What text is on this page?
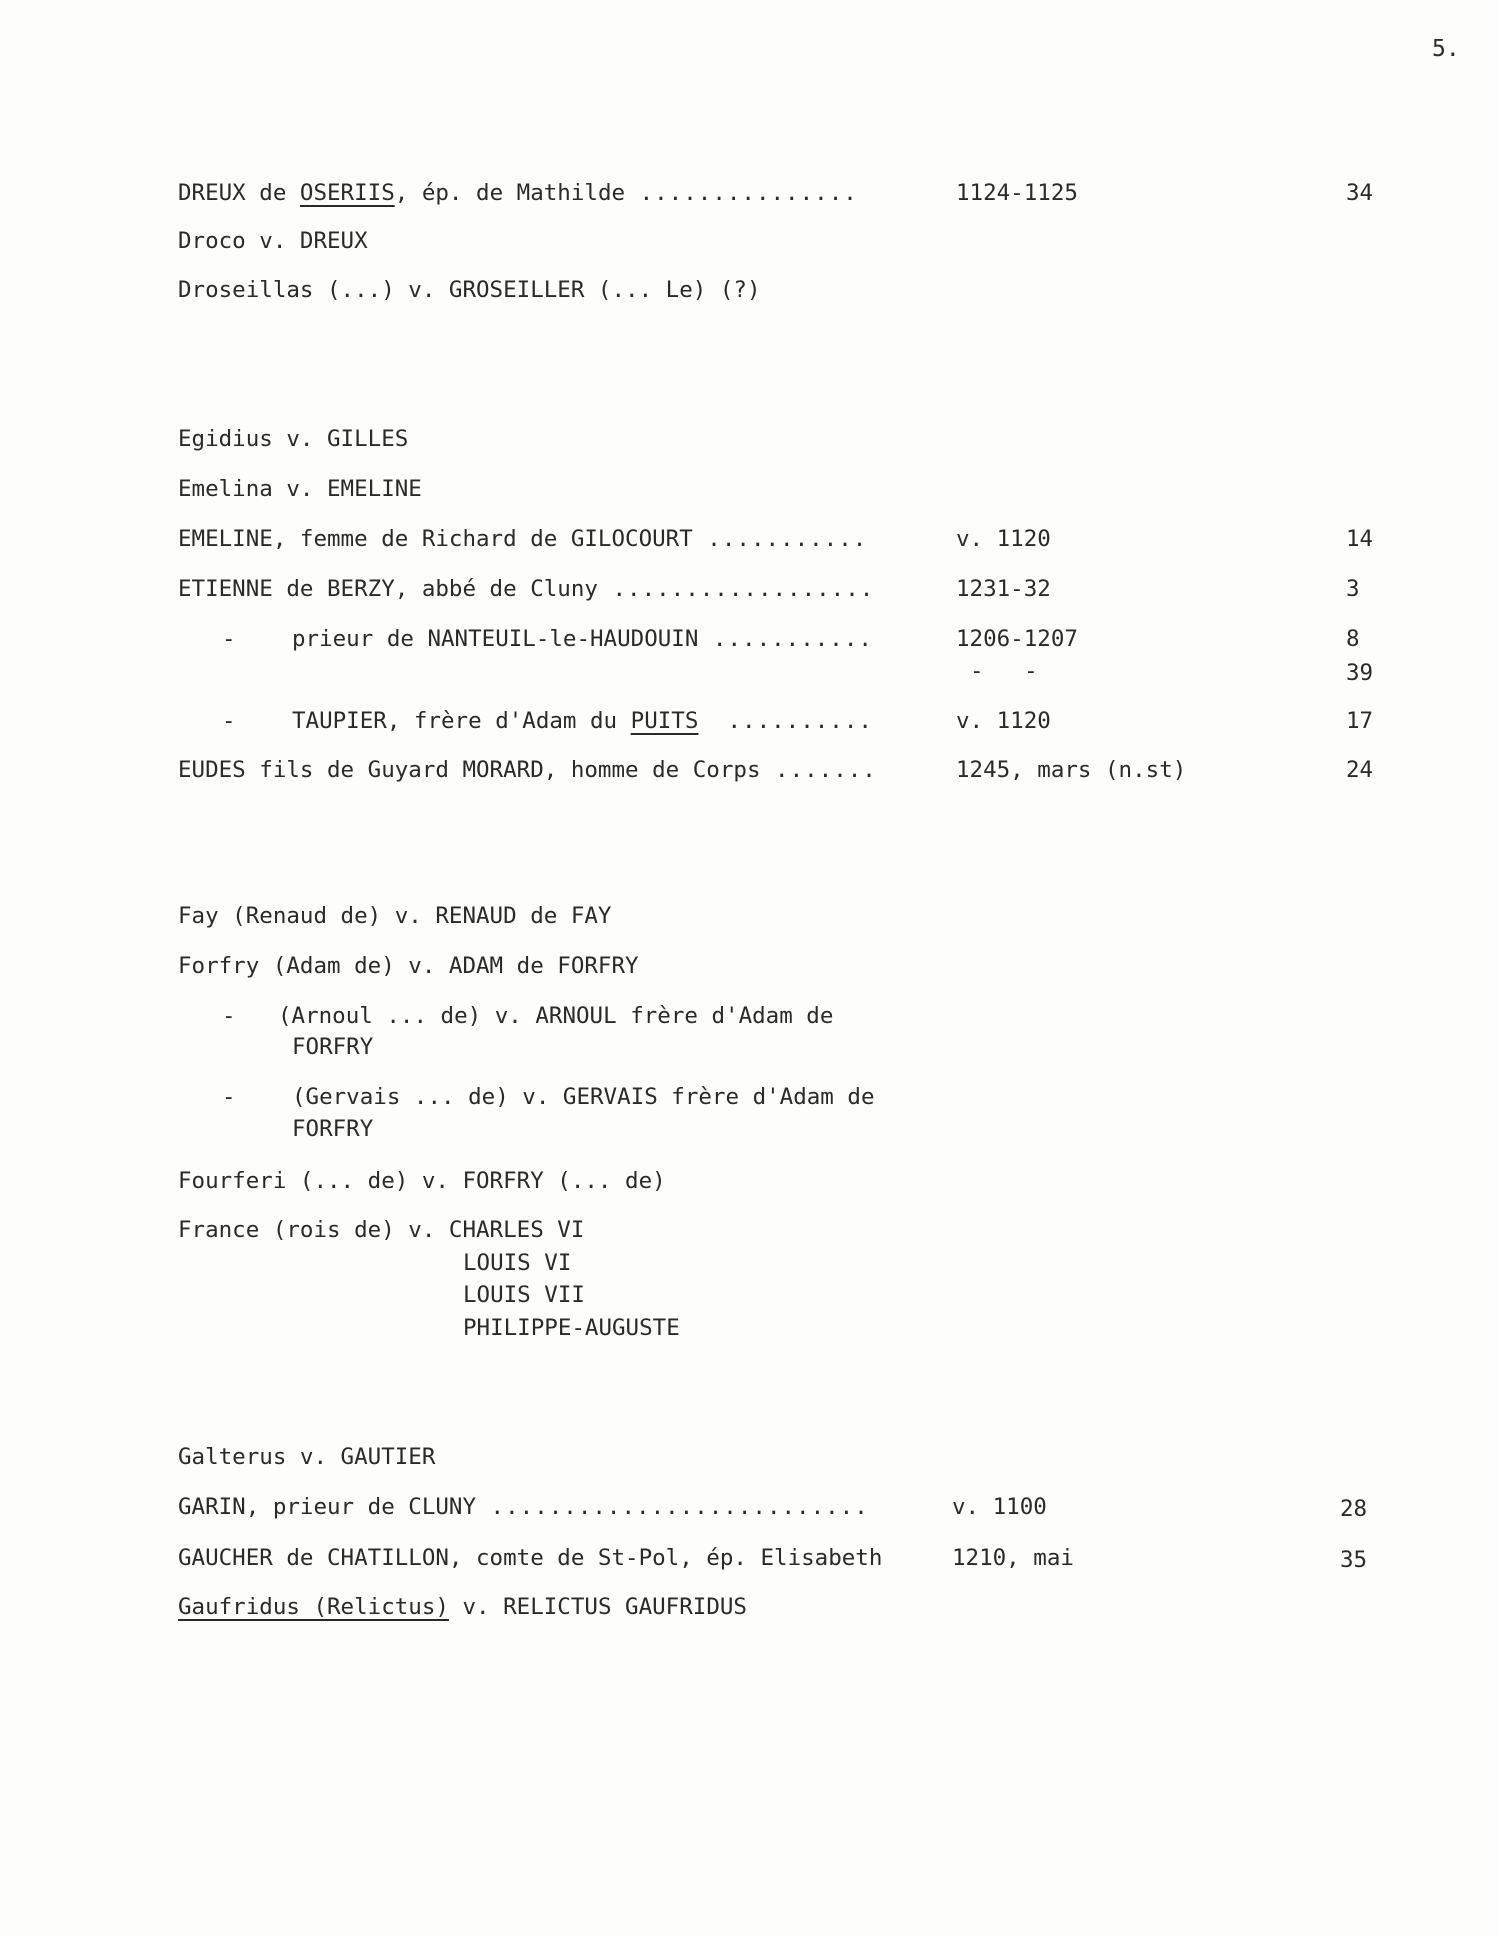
5.
DREUX de OSERIIS, ép. de Mathilde ...............	1124-1125	34
Droco v. DREUX
Droseillas (...) v. GROSEILLER (... Le) (?)
Egidius v. GILLES
Emelina v. EMELINE
EMELINE, femme de Richard de GILOCOURT ...........	v. 1120	14
ETIENNE de BERZY, abbé de Cluny ..................	1231-32	3
-	prieur de NANTEUIL-le-HAUDOUIN ...........	1206-1207	8
-   -	39
-	TAUPIER, frère d'Adam du PUITS  ..........	v. 1120	17
EUDES fils de Guyard MORARD, homme de Corps .......	1245, mars (n.st)	24
Fay (Renaud de) v. RENAUD de FAY
Forfry (Adam de) v. ADAM de FORFRY
- (Arnoul ... de) v. ARNOUL frère d'Adam de
FORFRY
-	(Gervais ... de) v. GERVAIS frère d'Adam de
FORFRY
Fourferi (... de) v. FORFRY (... de)
France (rois de) v. CHARLES VI
LOUIS VI
LOUIS VII
PHILIPPE-AUGUSTE
Galterus v. GAUTIER
GARIN, prieur de CLUNY ..........................	v. 1100	28
GAUCHER de CHATILLON, comte de St-Pol, ép. Elisabeth	1210, mai	35
Gaufridus (Relictus) v. RELICTUS GAUFRIDUS
